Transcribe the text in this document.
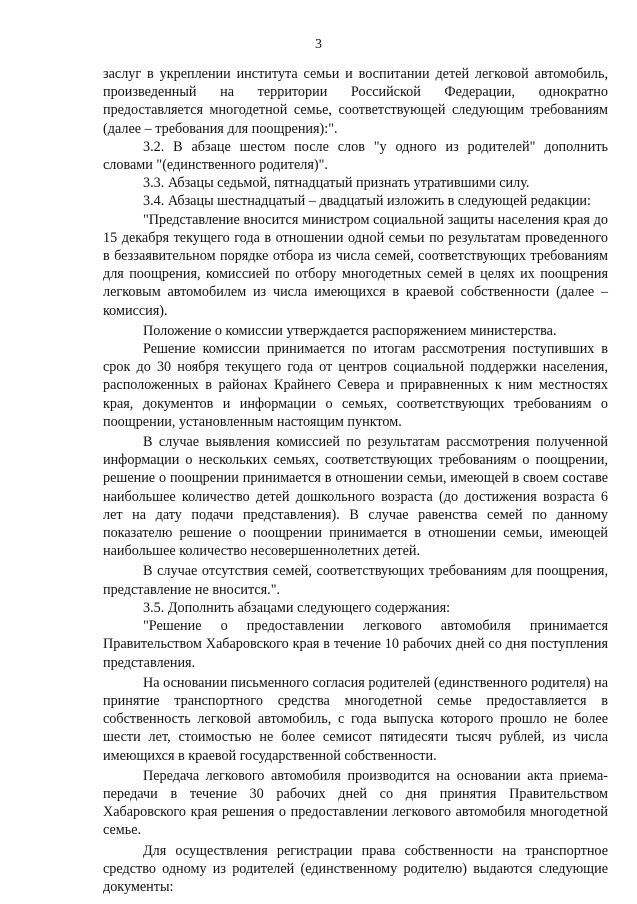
3

заслуг в укреплении института семьи и воспитании детей легковой автомобиль, произведенный на территории Российской Федерации, однократно предоставляется многодетной семье, соответствующей следующим требованиям (далее – требования для поощрения):".

3.2. В абзаце шестом после слов "у одного из родителей" дополнить словами "(единственного родителя)".

3.3. Абзацы седьмой, пятнадцатый признать утратившими силу.

3.4. Абзацы шестнадцатый – двадцатый изложить в следующей редакции:

"Представление вносится министром социальной защиты населения края до 15 декабря текущего года в отношении одной семьи по результатам проведенного в беззаявительном порядке отбора из числа семей, соответствующих требованиям для поощрения, комиссией по отбору многодетных семей в целях их поощрения легковым автомобилем из числа имеющихся в краевой собственности (далее – комиссия).

Положение о комиссии утверждается распоряжением министерства.

Решение комиссии принимается по итогам рассмотрения поступивших в срок до 30 ноября текущего года от центров социальной поддержки населения, расположенных в районах Крайнего Севера и приравненных к ним местностях края, документов и информации о семьях, соответствующих требованиям о поощрении, установленным настоящим пунктом.

В случае выявления комиссией по результатам рассмотрения полученной информации о нескольких семьях, соответствующих требованиям о поощрении, решение о поощрении принимается в отношении семьи, имеющей в своем составе наибольшее количество детей дошкольного возраста (до достижения возраста 6 лет на дату подачи представления). В случае равенства семей по данному показателю решение о поощрении принимается в отношении семьи, имеющей наибольшее количество несовершеннолетних детей.

В случае отсутствия семей, соответствующих требованиям для поощрения, представление не вносится.".

3.5. Дополнить абзацами следующего содержания:

"Решение о предоставлении легкового автомобиля принимается Правительством Хабаровского края в течение 10 рабочих дней со дня поступления представления.

На основании письменного согласия родителей (единственного родителя) на принятие транспортного средства многодетной семье предоставляется в собственность легковой автомобиль, с года выпуска которого прошло не более шести лет, стоимостью не более семисот пятидесяти тысяч рублей, из числа имеющихся в краевой государственной собственности.

Передача легкового автомобиля производится на основании акта приема-передачи в течение 30 рабочих дней со дня принятия Правительством Хабаровского края решения о предоставлении легкового автомобиля многодетной семье.

Для осуществления регистрации права собственности на транспортное средство одному из родителей (единственному родителю) выдаются следующие документы:
